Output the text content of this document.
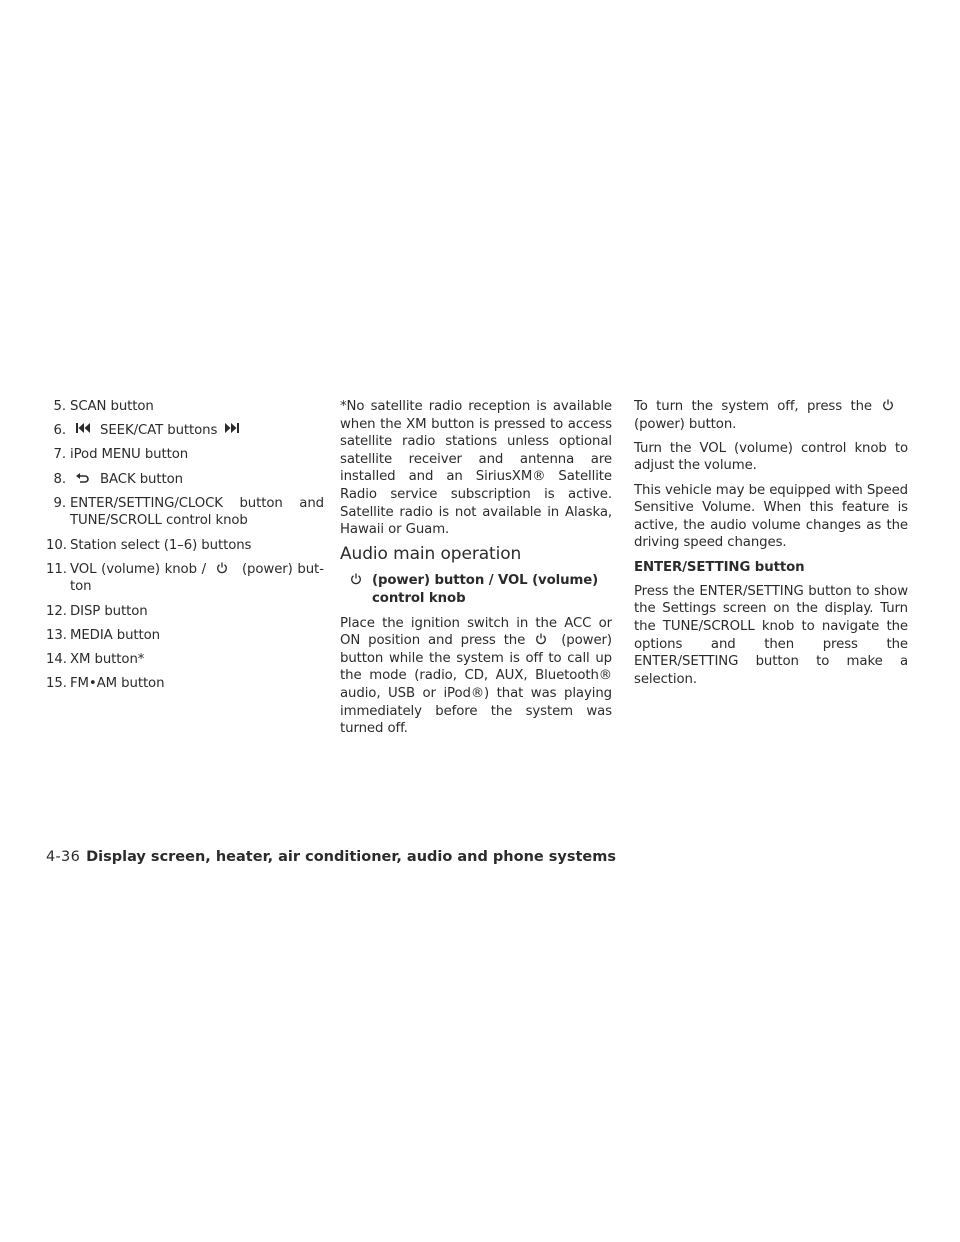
5. SCAN button
6.	SEEK/CAT buttons
7. iPod MENU button
8.	BACK button
9. ENTER/SETTING/CLOCK button and TUNE/SCROLL control knob
10. Station select (1–6) buttons
11. VOL (volume) knob /	(power) button
12. DISP button
13. MEDIA button
14. XM button*
15. FM•AM button

*No satellite radio reception is available when the XM button is pressed to access satellite radio stations unless optional satellite receiver and antenna are installed and an SiriusXM® Satellite Radio service subscription is active. Satellite radio is not available in Alaska, Hawaii or Guam.

Audio main operation
(power) button / VOL (volume) control knob

Place the ignition switch in the ACC or ON position and press the	(power) button while the system is off to call up the mode (radio, CD, AUX, Bluetooth® audio, USB or iPod®) that was playing immediately before the system was turned off.

To turn the system off, press the
(power) button.

Turn the VOL (volume) control knob to adjust the volume.

This vehicle may be equipped with Speed Sensitive Volume. When this feature is active, the audio volume changes as the driving speed changes.

ENTER/SETTING button

Press the ENTER/SETTING button to show the Settings screen on the display. Turn the TUNE/SCROLL knob to navigate the options and then press the ENTER/SETTING button to make a selection.

4-36 Display screen, heater, air conditioner, audio and phone systems
